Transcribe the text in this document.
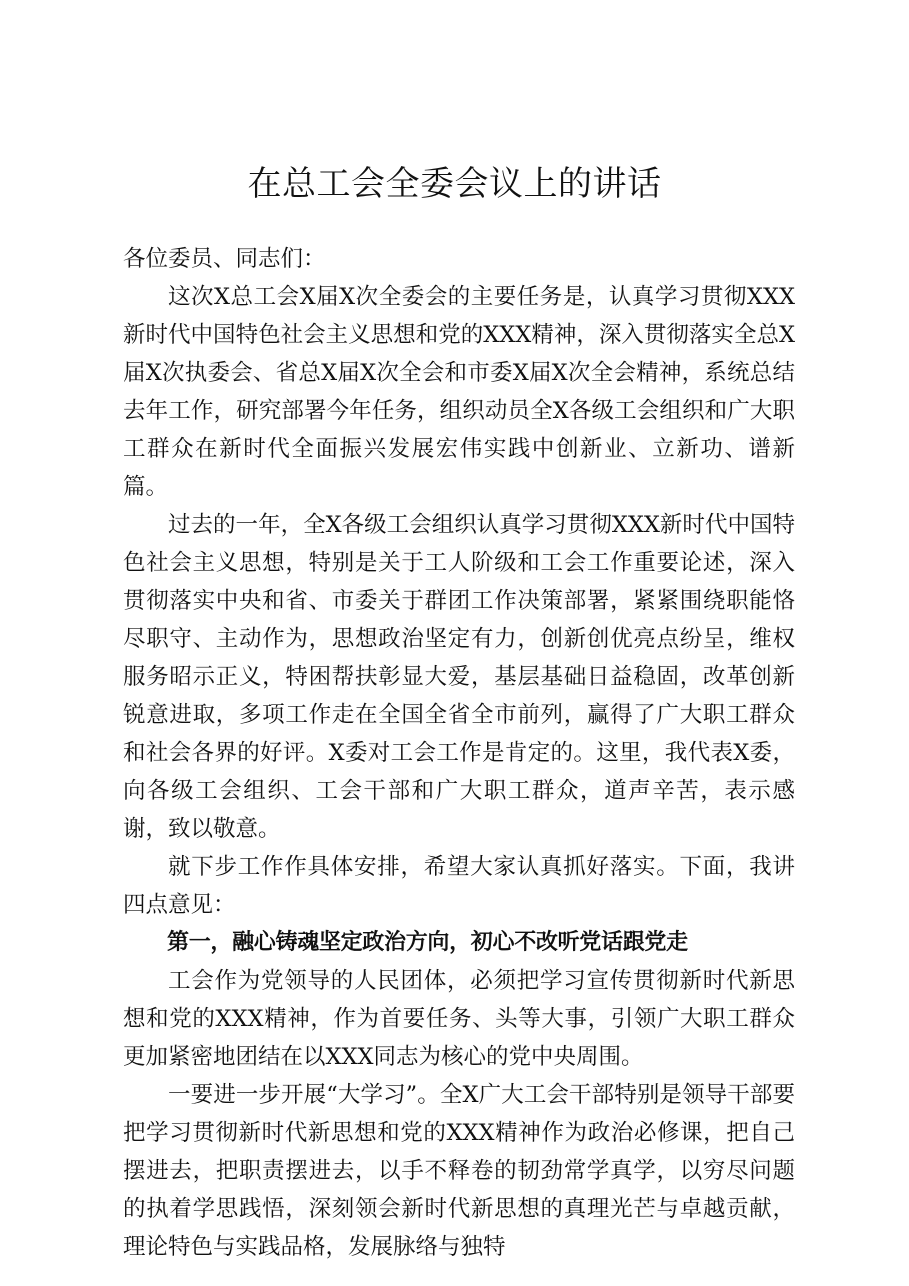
在总工会全委会议上的讲话

各位委员、同志们：

这次X总工会X届X次全委会的主要任务是，认真学习贯彻XXX新时代中国特色社会主义思想和党的XXX精神，深入贯彻落实全总X届X次执委会、省总X届X次全会和市委X届X次全会精神，系统总结去年工作，研究部署今年任务，组织动员全X各级工会组织和广大职工群众在新时代全面振兴发展宏伟实践中创新业、立新功、谱新篇。

过去的一年，全X各级工会组织认真学习贯彻XXX新时代中国特色社会主义思想，特别是关于工人阶级和工会工作重要论述，深入贯彻落实中央和省、市委关于群团工作决策部署，紧紧围绕职能恪尽职守、主动作为，思想政治坚定有力，创新创优亮点纷呈，维权服务昭示正义，特困帮扶彰显大爱，基层基础日益稳固，改革创新锐意进取，多项工作走在全国全省全市前列，赢得了广大职工群众和社会各界的好评。X委对工会工作是肯定的。这里，我代表X委，向各级工会组织、工会干部和广大职工群众，道声辛苦，表示感谢，致以敬意。

就下步工作作具体安排，希望大家认真抓好落实。下面，我讲四点意见：

第一，融心铸魂坚定政治方向，初心不改听党话跟党走

工会作为党领导的人民团体，必须把学习宣传贯彻新时代新思想和党的XXX精神，作为首要任务、头等大事，引领广大职工群众更加紧密地团结在以XXX同志为核心的党中央周围。

一要进一步开展“大学习”。全X广大工会干部特别是领导干部要把学习贯彻新时代新思想和党的XXX精神作为政治必修课，把自己摆进去，把职责摆进去，以手不释卷的韧劲常学真学，以穷尽问题的执着学思践悟，深刻领会新时代新思想的真理光芒与卓越贡献，理论特色与实践品格，发展脉络与独特
